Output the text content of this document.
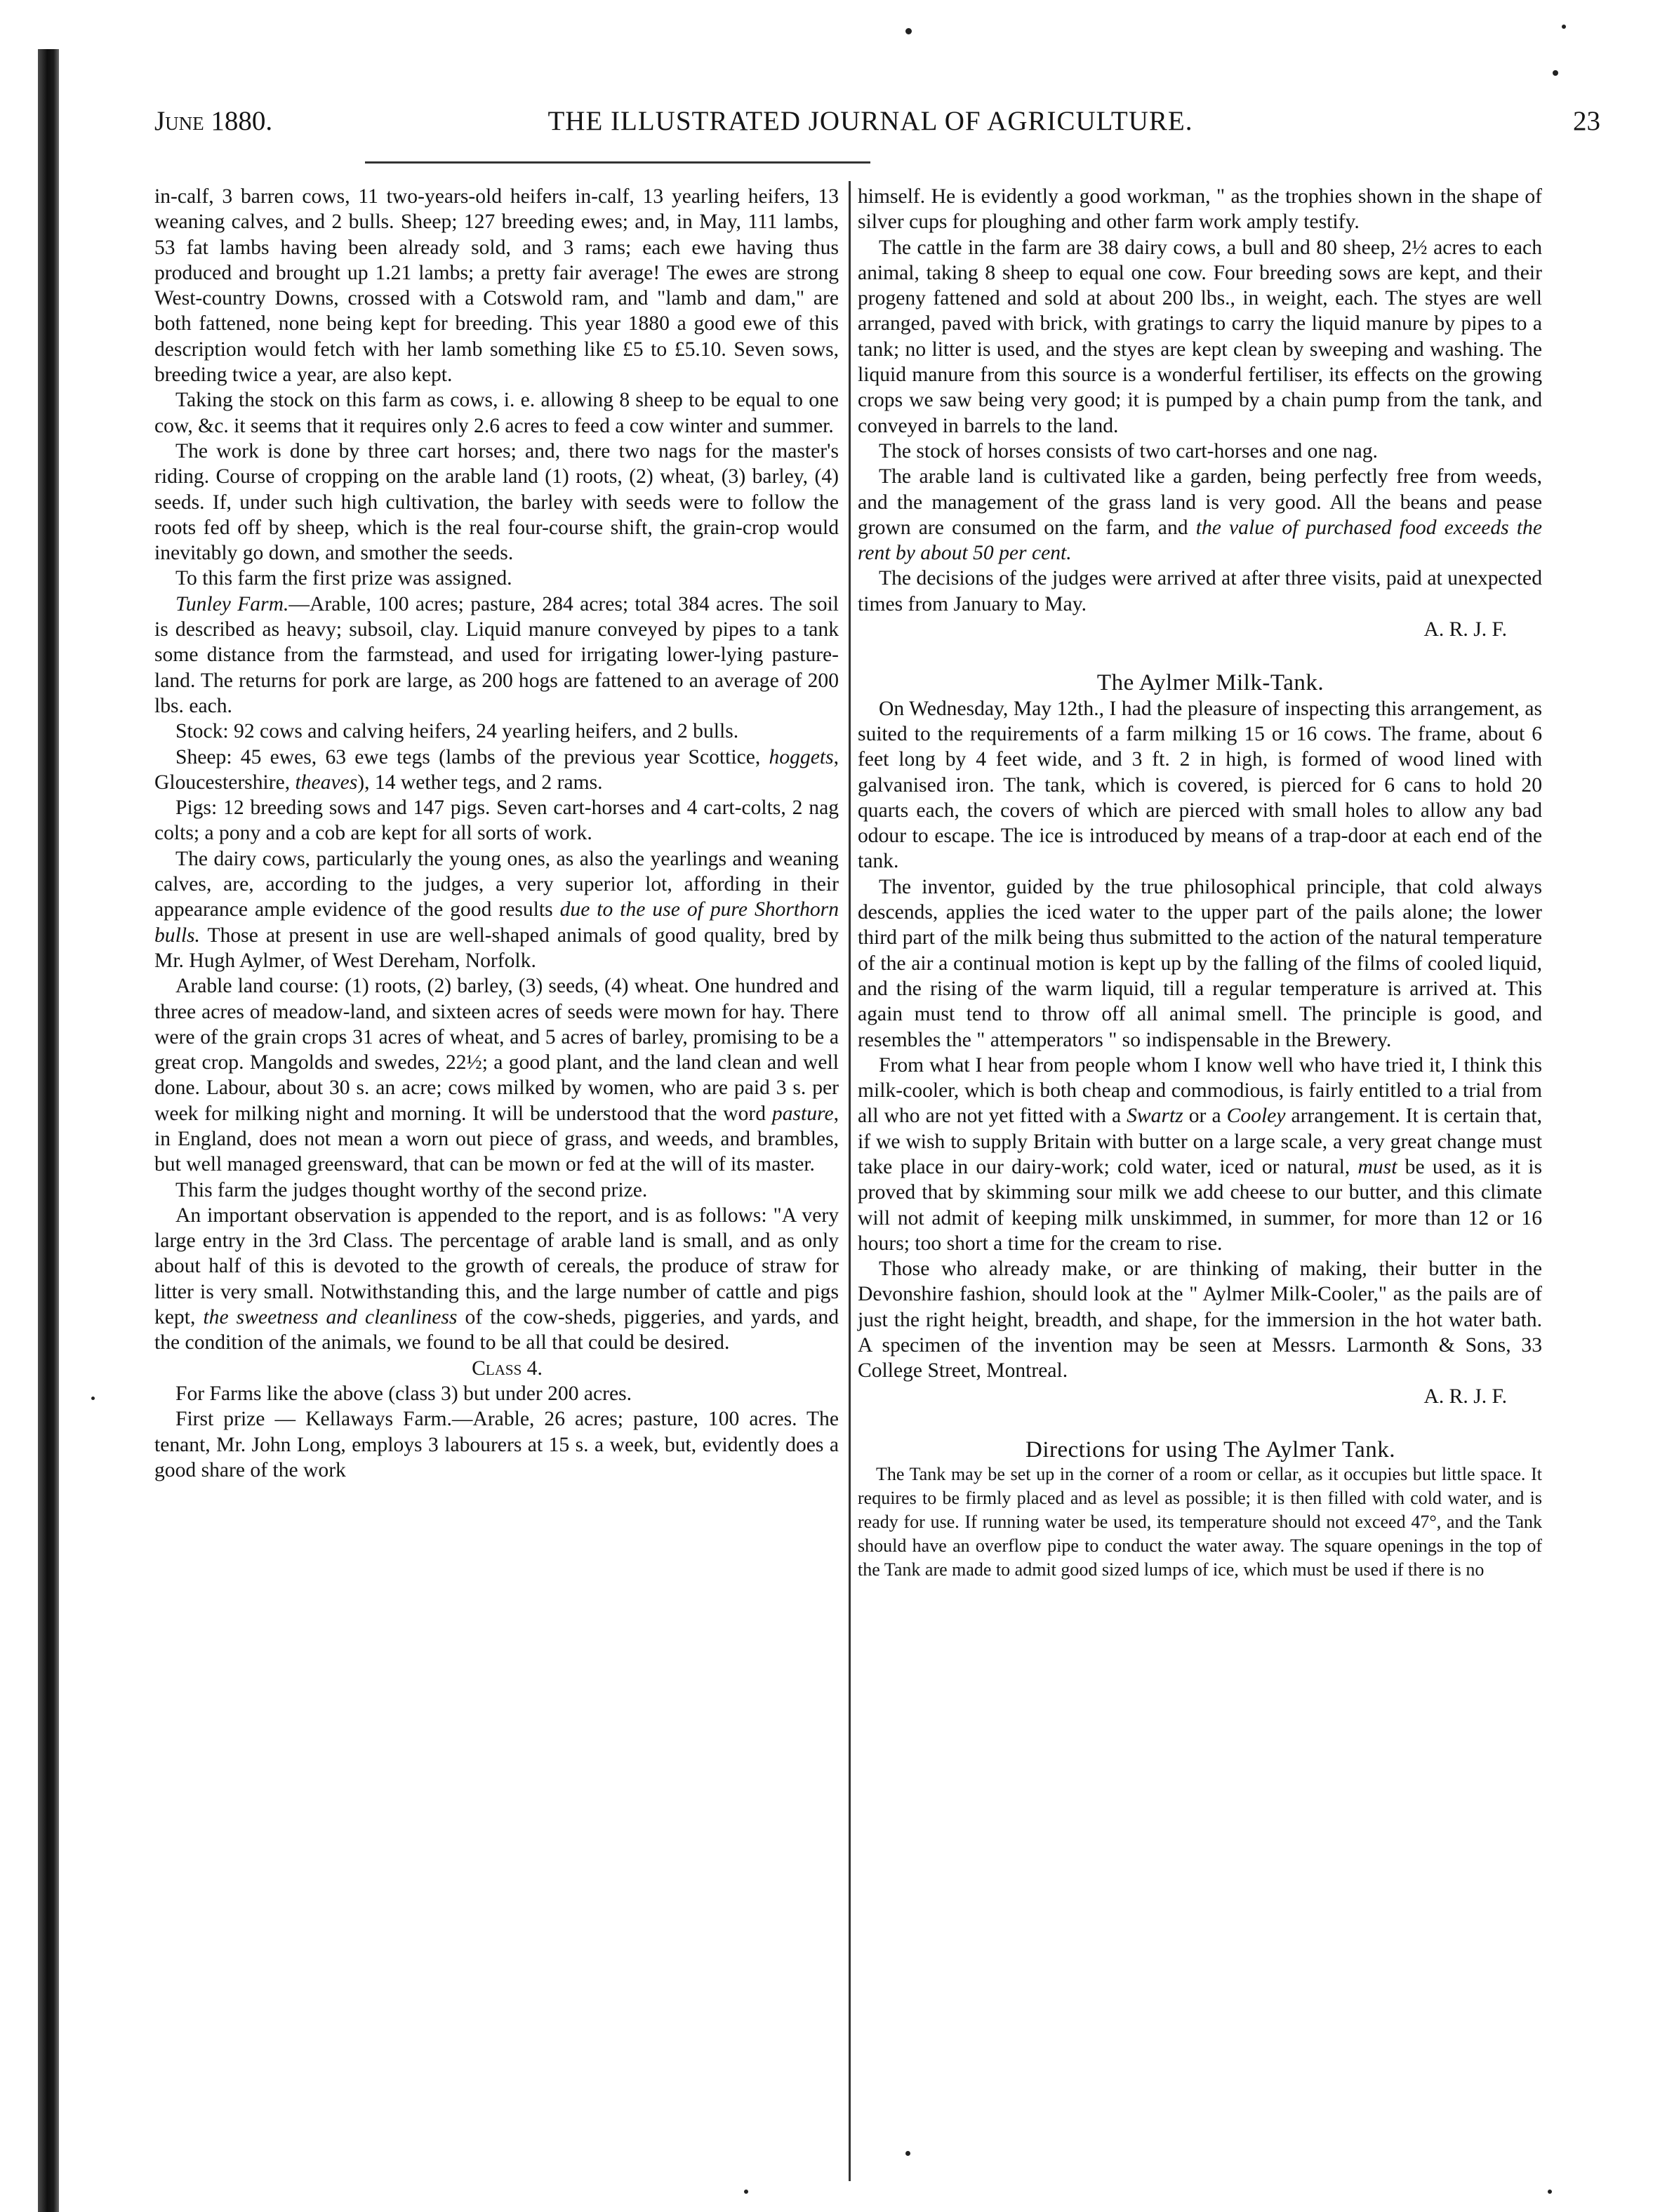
June 1880.	THE ILLUSTRATED JOURNAL OF AGRICULTURE.	23

in-calf, 3 barren cows, 11 two-years-old heifers in-calf, 13 yearling heifers, 13 weaning calves, and 2 bulls. Sheep; 127 breeding ewes; and, in May, 111 lambs, 53 fat lambs having been already sold, and 3 rams; each ewe having thus produced and brought up 1.21 lambs; a pretty fair average! The ewes are strong West-country Downs, crossed with a Cotswold ram, and "lamb and dam," are both fattened, none being kept for breeding. This year 1880 a good ewe of this description would fetch with her lamb something like £5 to £5.10. Seven sows, breeding twice a year, are also kept.

Taking the stock on this farm as cows, i. e. allowing 8 sheep to be equal to one cow, &c. it seems that it requires only 2.6 acres to feed a cow winter and summer.

The work is done by three cart horses; and, there two nags for the master's riding. Course of cropping on the arable land (1) roots, (2) wheat, (3) barley, (4) seeds. If, under such high cultivation, the barley with seeds were to follow the roots fed off by sheep, which is the real four-course shift, the grain-crop would inevitably go down, and smother the seeds.

To this farm the first prize was assigned.

Tunley Farm.—Arable, 100 acres; pasture, 284 acres; total 384 acres. The soil is described as heavy; subsoil, clay. Liquid manure conveyed by pipes to a tank some distance from the farmstead, and used for irrigating lower-lying pasture-land. The returns for pork are large, as 200 hogs are fattened to an average of 200 lbs. each.

Stock: 92 cows and calving heifers, 24 yearling heifers, and 2 bulls.

Sheep: 45 ewes, 63 ewe tegs (lambs of the previous year Scottice, hoggets, Gloucestershire, theaves), 14 wether tegs, and 2 rams.

Pigs: 12 breeding sows and 147 pigs. Seven cart-horses and 4 cart-colts, 2 nag colts; a pony and a cob are kept for all sorts of work.

The dairy cows, particularly the young ones, as also the yearlings and weaning calves, are, according to the judges, a very superior lot, affording in their appearance ample evidence of the good results due to the use of pure Shorthorn bulls. Those at present in use are well-shaped animals of good quality, bred by Mr. Hugh Aylmer, of West Dereham, Norfolk.

Arable land course: (1) roots, (2) barley, (3) seeds, (4) wheat. One hundred and three acres of meadow-land, and sixteen acres of seeds were mown for hay. There were of the grain crops 31 acres of wheat, and 5 acres of barley, promising to be a great crop. Mangolds and swedes, 22½; a good plant, and the land clean and well done. Labour, about 30 s. an acre; cows milked by women, who are paid 3 s. per week for milking night and morning. It will be understood that the word pasture, in England, does not mean a worn out piece of grass, and weeds, and brambles, but well managed greensward, that can be mown or fed at the will of its master.

This farm the judges thought worthy of the second prize.

An important observation is appended to the report, and is as follows: "A very large entry in the 3rd Class. The percentage of arable land is small, and as only about half of this is devoted to the growth of cereals, the produce of straw for litter is very small. Notwithstanding this, and the large number of cattle and pigs kept, the sweetness and cleanliness of the cow-sheds, piggeries, and yards, and the condition of the animals, we found to be all that could be desired.

Class 4.

For Farms like the above (class 3) but under 200 acres.

First prize — Kellaways Farm.—Arable, 26 acres; pasture, 100 acres. The tenant, Mr. John Long, employs 3 labourers at 15 s. a week, but, evidently does a good share of the work

himself. He is evidently a good workman, " as the trophies shown in the shape of silver cups for ploughing and other farm work amply testify.

The cattle in the farm are 38 dairy cows, a bull and 80 sheep, 2½ acres to each animal, taking 8 sheep to equal one cow. Four breeding sows are kept, and their progeny fattened and sold at about 200 lbs., in weight, each. The styes are well arranged, paved with brick, with gratings to carry the liquid manure by pipes to a tank; no litter is used, and the styes are kept clean by sweeping and washing. The liquid manure from this source is a wonderful fertiliser, its effects on the growing crops we saw being very good; it is pumped by a chain pump from the tank, and conveyed in barrels to the land.

The stock of horses consists of two cart-horses and one nag.

The arable land is cultivated like a garden, being perfectly free from weeds, and the management of the grass land is very good. All the beans and pease grown are consumed on the farm, and the value of purchased food exceeds the rent by about 50 per cent.

The decisions of the judges were arrived at after three visits, paid at unexpected times from January to May.

A. R. J. F.

The Aylmer Milk-Tank.

On Wednesday, May 12th., I had the pleasure of inspecting this arrangement, as suited to the requirements of a farm milking 15 or 16 cows. The frame, about 6 feet long by 4 feet wide, and 3 ft. 2 in high, is formed of wood lined with galvanised iron. The tank, which is covered, is pierced for 6 cans to hold 20 quarts each, the covers of which are pierced with small holes to allow any bad odour to escape. The ice is introduced by means of a trap-door at each end of the tank.

The inventor, guided by the true philosophical principle, that cold always descends, applies the iced water to the upper part of the pails alone; the lower third part of the milk being thus submitted to the action of the natural temperature of the air a continual motion is kept up by the falling of the films of cooled liquid, and the rising of the warm liquid, till a regular temperature is arrived at. This again must tend to throw off all animal smell. The principle is good, and resembles the " attemperators " so indispensable in the Brewery.

From what I hear from people whom I know well who have tried it, I think this milk-cooler, which is both cheap and commodious, is fairly entitled to a trial from all who are not yet fitted with a Swartz or a Cooley arrangement. It is certain that, if we wish to supply Britain with butter on a large scale, a very great change must take place in our dairy-work; cold water, iced or natural, must be used, as it is proved that by skimming sour milk we add cheese to our butter, and this climate will not admit of keeping milk unskimmed, in summer, for more than 12 or 16 hours; too short a time for the cream to rise.

Those who already make, or are thinking of making, their butter in the Devonshire fashion, should look at the " Aylmer Milk-Cooler," as the pails are of just the right height, breadth, and shape, for the immersion in the hot water bath. A specimen of the invention may be seen at Messrs. Larmonth & Sons, 33 College Street, Montreal.

A. R. J. F.

Directions for using The Aylmer Tank.

The Tank may be set up in the corner of a room or cellar, as it occupies but little space. It requires to be firmly placed and as level as possible; it is then filled with cold water, and is ready for use. If running water be used, its temperature should not exceed 47°, and the Tank should have an overflow pipe to conduct the water away. The square openings in the top of the Tank are made to admit good sized lumps of ice, which must be used if there is no
